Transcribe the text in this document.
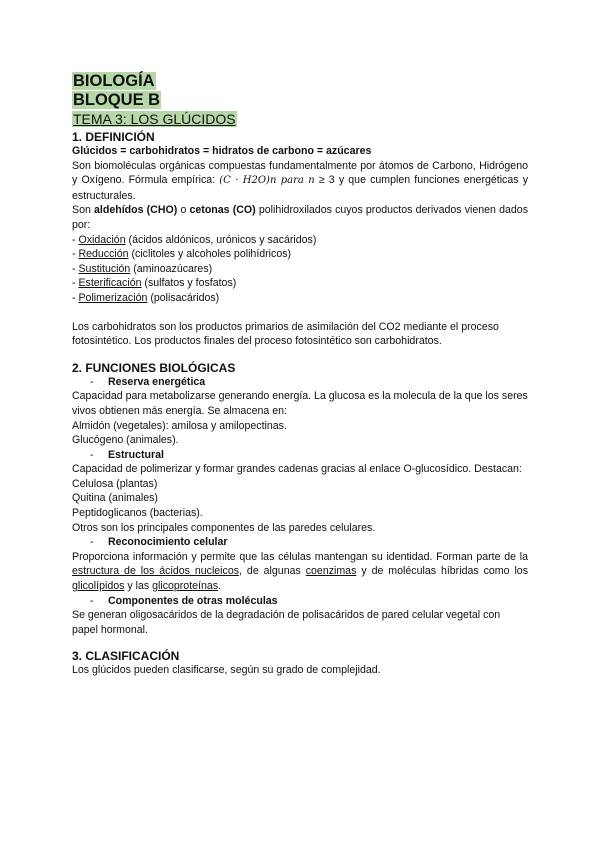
BIOLOGÍA
BLOQUE B
TEMA 3: LOS GLÚCIDOS
1. DEFINICIÓN

Glúcidos = carbohidratos = hidratos de carbono = azúcares

Son biomoléculas orgánicas compuestas fundamentalmente por átomos de Carbono, Hidrógeno y Oxígeno. Fórmula empírica: (C · H2O)n para n ≥ 3 y que cumplen funciones energéticas y estructurales.

Son aldehídos (CHO) o cetonas (CO) polihidroxilados cuyos productos derivados vienen dados por:

- Oxidación (ácidos aldónicos, urónicos y sacáridos)
- Reducción (ciclitoles y alcoholes polihídricos)
- Sustitución (aminoazúcares)
- Esterificación (sulfatos y fosfatos)
- Polimerización (polisacáridos)

Los carbohidratos son los productos primarios de asimilación del CO2 mediante el proceso fotosintético. Los productos finales del proceso fotosintético son carbohidratos.

2. FUNCIONES BIOLÓGICAS
-	Reserva energética

Capacidad para metabolizarse generando energía. La glucosa es la molecula de la que los seres vivos obtienen más energía. Se almacena en:

Almidón (vegetales): amilosa y amilopectinas.

Glucógeno (animales).

-	Estructural

Capacidad de polimerizar y formar grandes cadenas gracias al enlace O-glucosídico. Destacan:

Celulosa (plantas)

Quitina (animales)

Peptidoglicanos (bacterias).

Otros son los principales componentes de las paredes celulares.

-	Reconocimiento celular

Proporciona información y permite que las células mantengan su identidad. Forman parte de la estructura de los ácidos nucleicos, de algunas coenzimas y de moléculas híbridas como los glicolípidos y las glicoproteínas.

-	Componentes de otras moléculas

Se generan oligosacáridos de la degradación de polisacáridos de pared celular vegetal con papel hormonal.

3. CLASIFICACIÓN

Los glúcidos pueden clasificarse, según su grado de complejidad.
